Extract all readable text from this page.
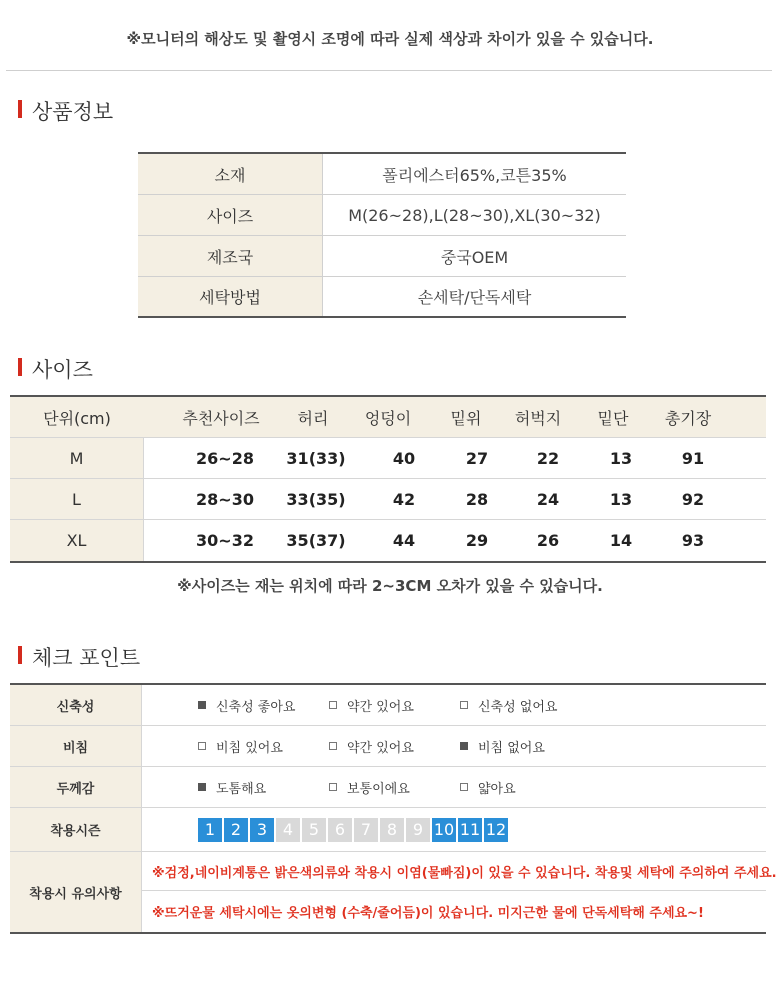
※모니터의 해상도 및 촬영시 조명에 따라 실제 색상과 차이가 있을 수 있습니다.
상품정보
소재	폴리에스터65%,코튼35%
사이즈	M(26~28),L(28~30),XL(30~32)
제조국	중국OEM
세탁방법	손세탁/단독세탁
사이즈
단위(cm)	추천사이즈	허리	엉덩이	밑위	허벅지	밑단	총기장
M	26~28	31(33)	40	27	22	13	91
L	28~30	33(35)	42	28	24	13	92
XL	30~32	35(37)	44	29	26	14	93
※사이즈는 재는 위치에 따라 2~3CM 오차가 있을 수 있습니다.
체크 포인트
신축성	신축성 좋아요	약간 있어요	신축성 없어요
비침	비침 있어요	약간 있어요	비침 없어요
두께감	도톰해요	보통이에요	얇아요
착용시즌	1 2 3 4 5 6 7 8 9 10 11 12
착용시 유의사항
※검정,네이비계통은 밝은색의류와 착용시 이염(물빠짐)이 있을 수 있습니다. 착용및 세탁에 주의하여 주세요.
※뜨거운물 세탁시에는 옷의변형 (수축/줄어듬)이 있습니다. 미지근한 물에 단독세탁해 주세요~!
